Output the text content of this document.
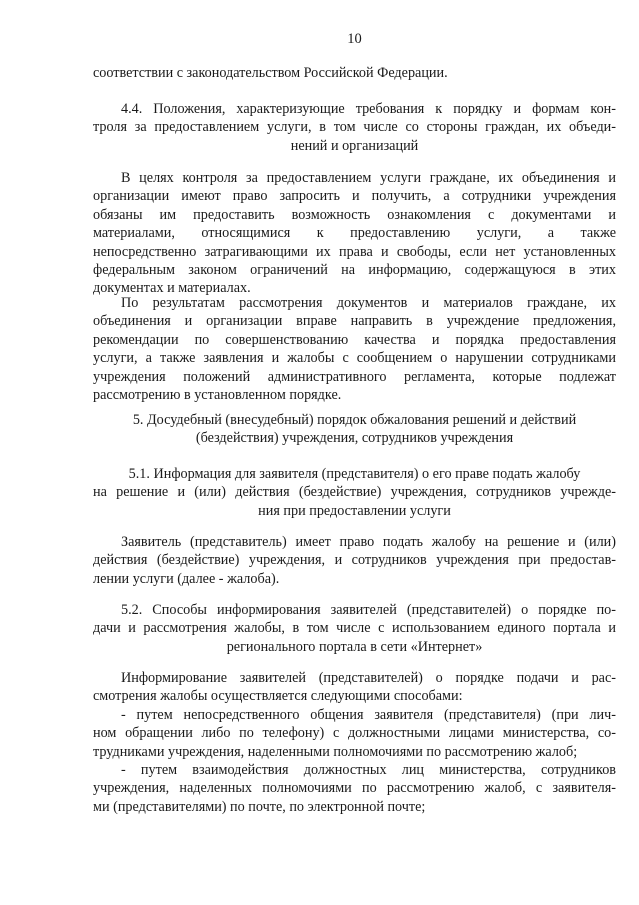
10
соответствии с законодательством Российской Федерации.
4.4. Положения, характеризующие требования к порядку и формам кон-
троля за предоставлением услуги, в том числе со стороны граждан, их объеди-
нений и организаций
В целях контроля за предоставлением услуги граждане, их объединения и
организации имеют право запросить и получить, а сотрудники учреждения
обязаны им предоставить возможность ознакомления с документами и
материалами, относящимися к предоставлению услуги, а также
непосредственно затрагивающими их права и свободы, если нет установленных
федеральным законом ограничений на информацию, содержащуюся в этих
документах и материалах.
По результатам рассмотрения документов и материалов граждане, их
объединения и организации вправе направить в учреждение предложения,
рекомендации по совершенствованию качества и порядка предоставления
услуги, а также заявления и жалобы с сообщением о нарушении сотрудниками
учреждения положений административного регламента, которые подлежат
рассмотрению в установленном порядке.
5. Досудебный (внесудебный) порядок обжалования решений и действий
(бездействия) учреждения, сотрудников учреждения
5.1. Информация для заявителя (представителя) о его праве подать жалобу
на решение и (или) действия (бездействие) учреждения, сотрудников учрежде-
ния при предоставлении услуги
Заявитель (представитель) имеет право подать жалобу на решение и (или)
действия (бездействие) учреждения, и сотрудников учреждения при предостав-
лении услуги (далее - жалоба).
5.2. Способы информирования заявителей (представителей) о порядке по-
дачи и рассмотрения жалобы, в том числе с использованием единого портала и
регионального портала в сети «Интернет»
Информирование заявителей (представителей) о порядке подачи и рас-
смотрения жалобы осуществляется следующими способами:
- путем непосредственного общения заявителя (представителя) (при лич-
ном обращении либо по телефону) с должностными лицами министерства, со-
трудниками учреждения, наделенными полномочиями по рассмотрению жалоб;
- путем взаимодействия должностных лиц министерства, сотрудников
учреждения, наделенных полномочиями по рассмотрению жалоб, с заявителя-
ми (представителями) по почте, по электронной почте;
